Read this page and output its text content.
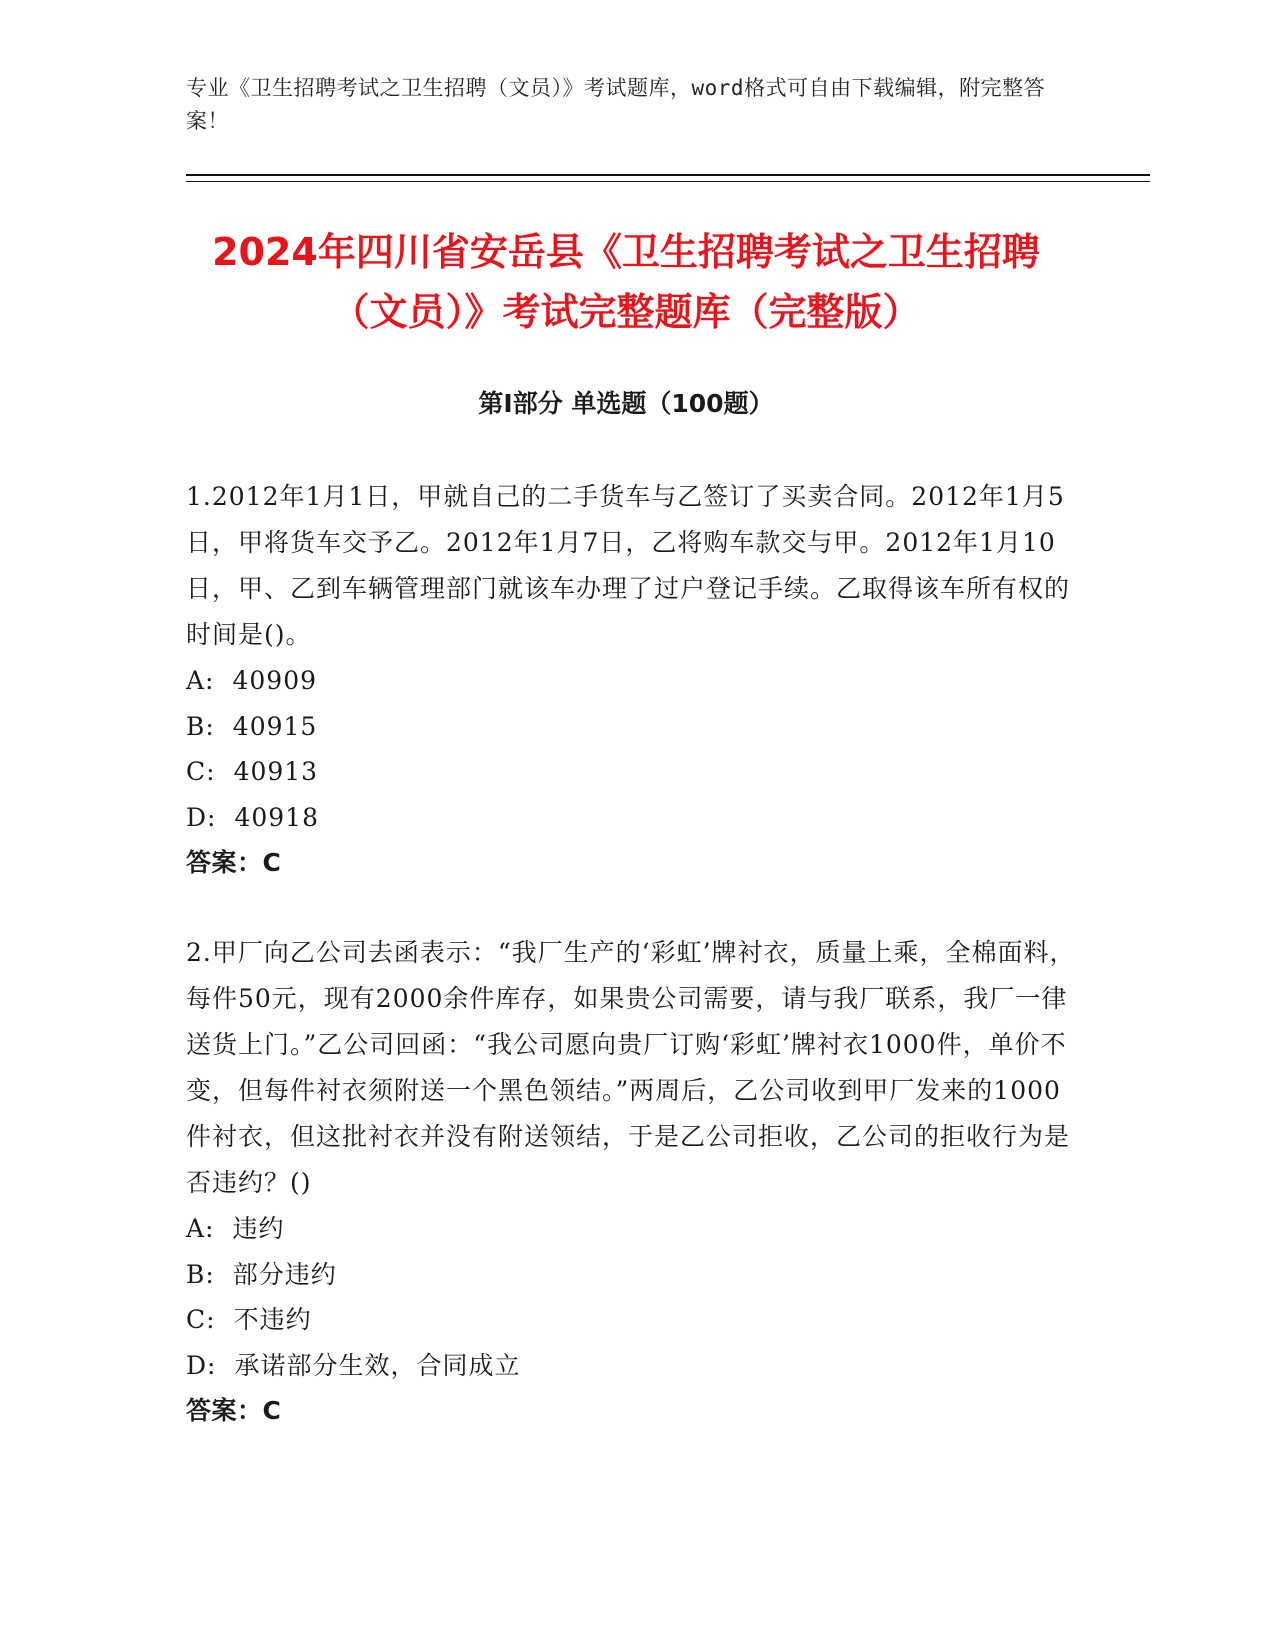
专业《卫生招聘考试之卫生招聘（文员）》考试题库，word格式可自由下载编辑，附完整答案！
2024年四川省安岳县《卫生招聘考试之卫生招聘（文员）》考试完整题库（完整版）
第I部分 单选题（100题）

1.2012年1月1日，甲就自己的二手货车与乙签订了买卖合同。2012年1月5日，甲将货车交予乙。2012年1月7日，乙将购车款交与甲。2012年1月10日，甲、乙到车辆管理部门就该车办理了过户登记手续。乙取得该车所有权的时间是()。

A: 40909
B: 40915
C: 40913
D: 40918
答案：C

2.甲厂向乙公司去函表示：“我厂生产的‘彩虹’牌衬衣，质量上乘，全棉面料，每件50元，现有2000余件库存，如果贵公司需要，请与我厂联系，我厂一律送货上门。”乙公司回函：“我公司愿向贵厂订购‘彩虹’牌衬衣1000件，单价不变，但每件衬衣须附送一个黑色领结。”两周后，乙公司收到甲厂发来的1000件衬衣，但这批衬衣并没有附送领结，于是乙公司拒收，乙公司的拒收行为是否违约？()

A: 违约
B: 部分违约
C: 不违约
D: 承诺部分生效，合同成立
答案：C
